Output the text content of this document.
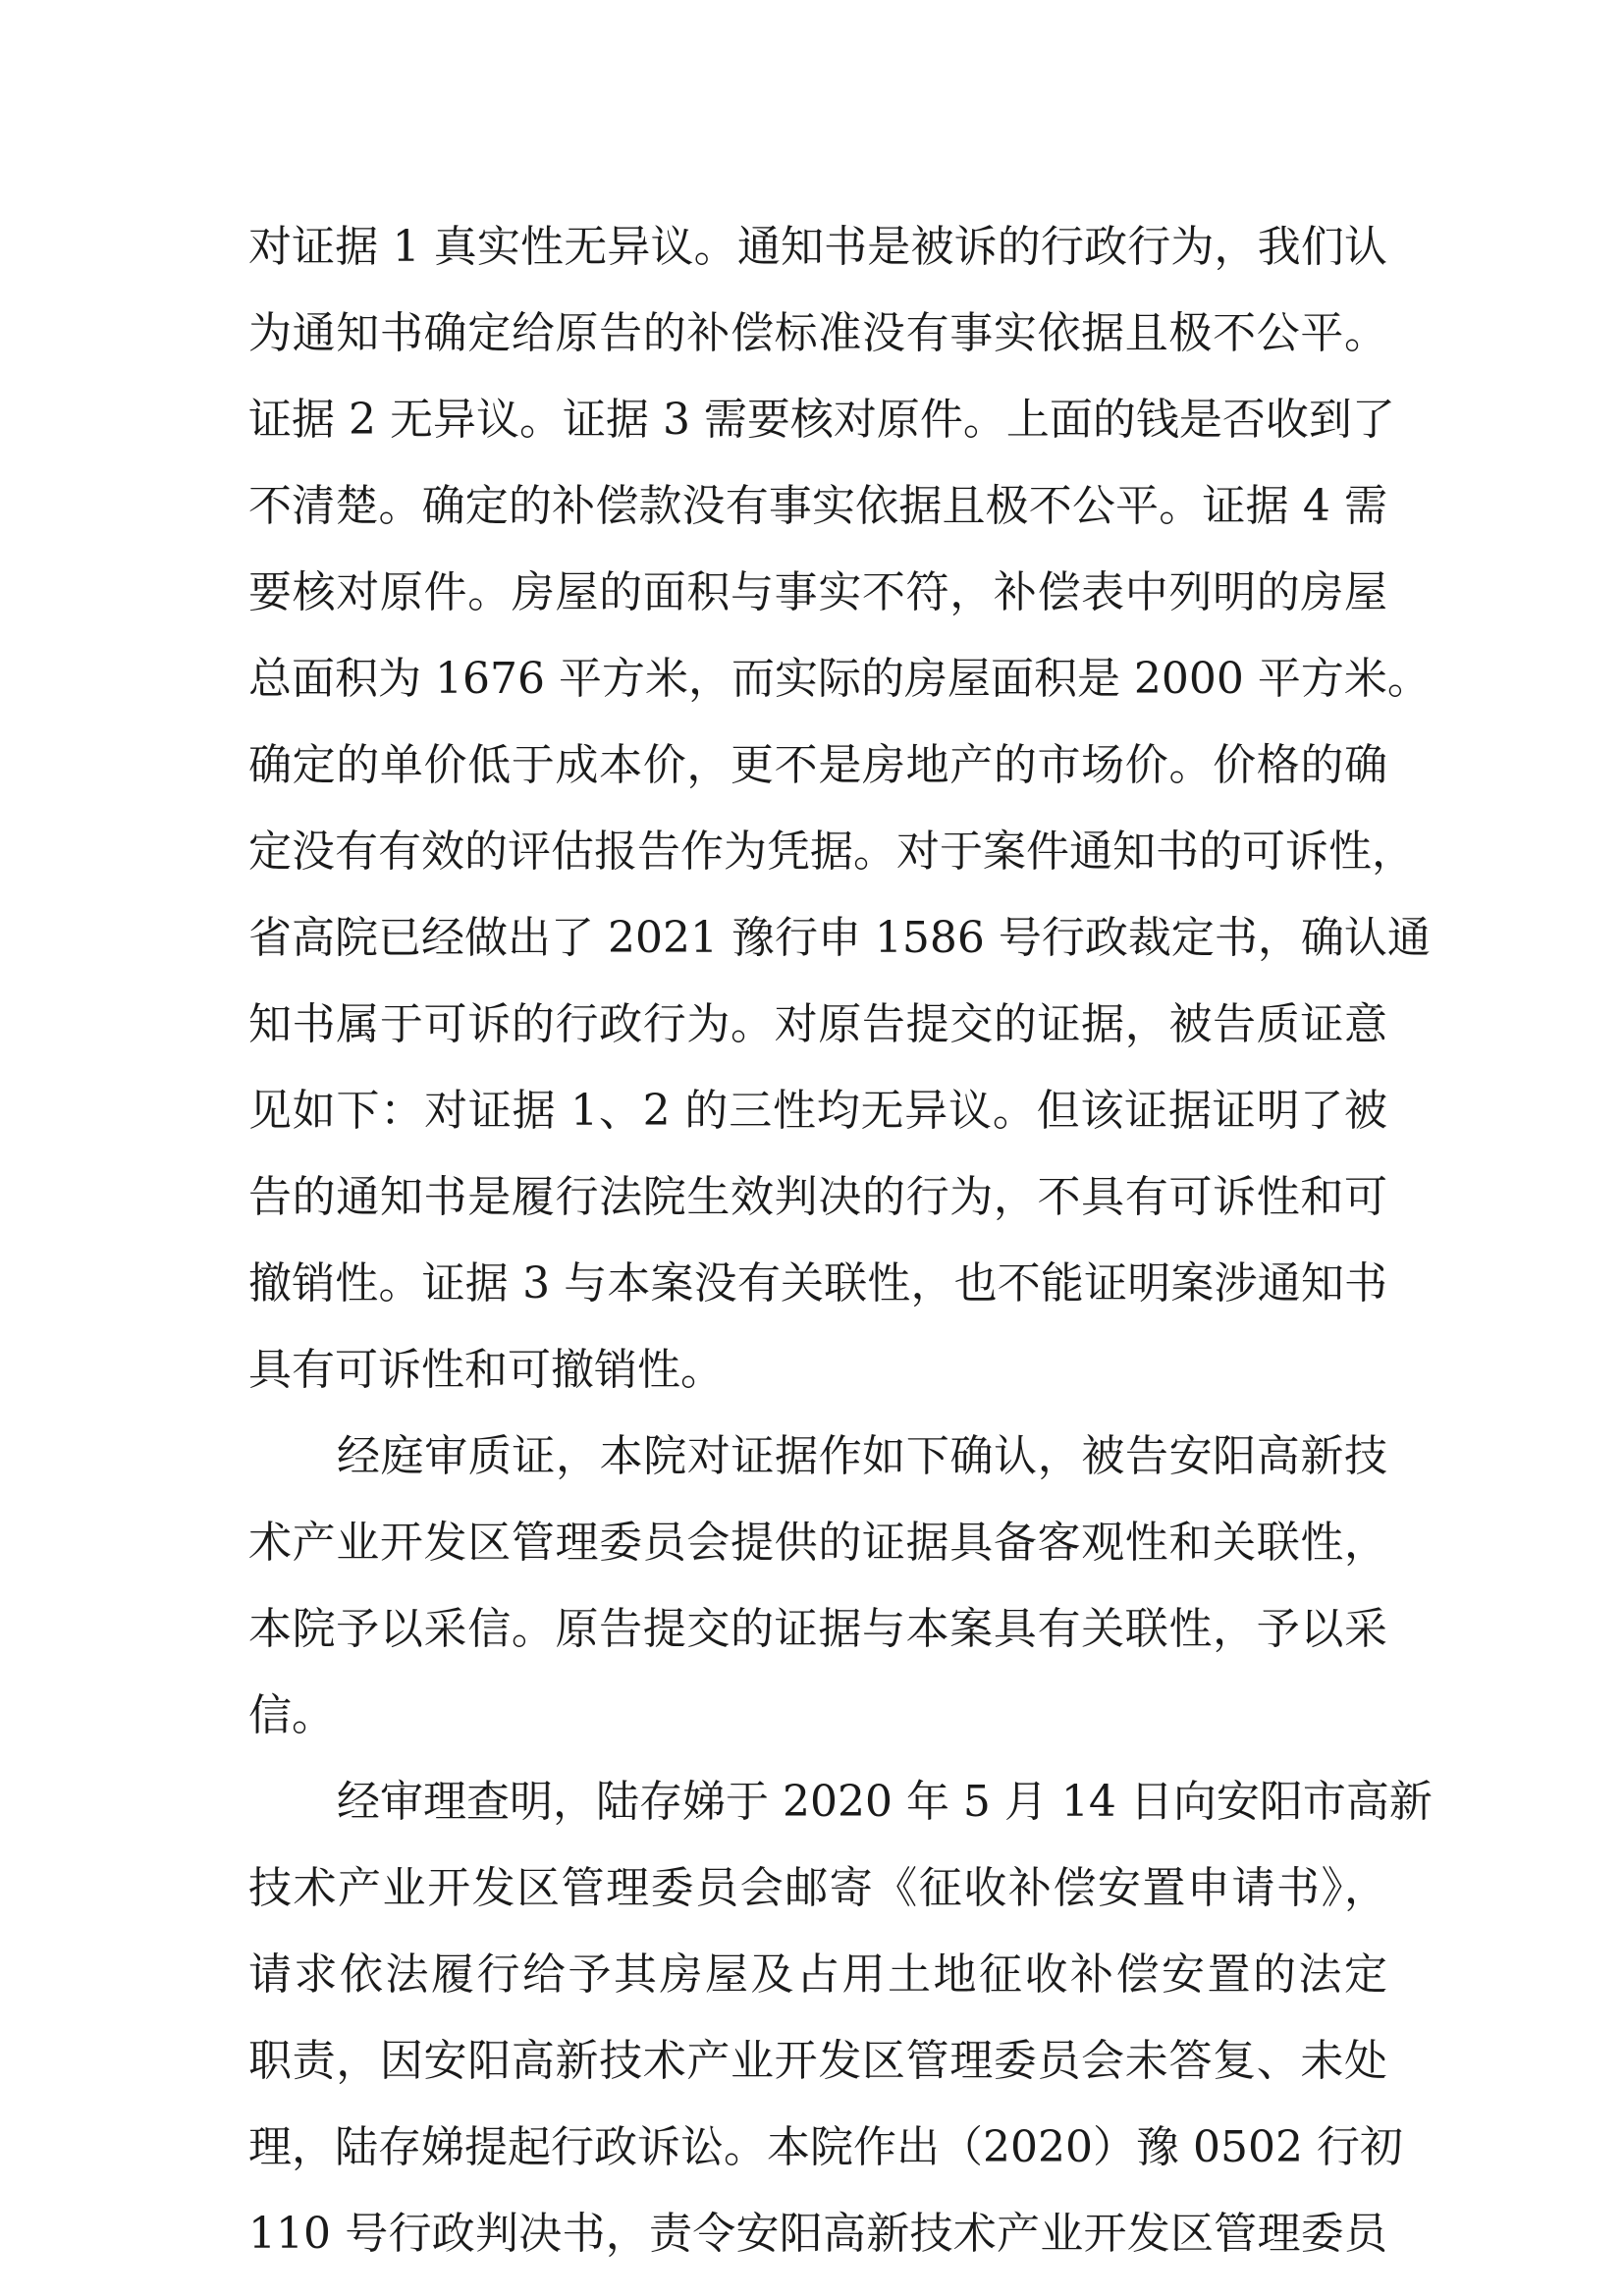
对证据 1 真实性无异议。通知书是被诉的行政行为，我们认
为通知书确定给原告的补偿标准没有事实依据且极不公平。
证据 2 无异议。证据 3 需要核对原件。上面的钱是否收到了
不清楚。确定的补偿款没有事实依据且极不公平。证据 4 需
要核对原件。房屋的面积与事实不符，补偿表中列明的房屋
总面积为 1676 平方米，而实际的房屋面积是 2000 平方米。
确定的单价低于成本价，更不是房地产的市场价。价格的确
定没有有效的评估报告作为凭据。对于案件通知书的可诉性，
省高院已经做出了 2021 豫行申 1586 号行政裁定书，确认通
知书属于可诉的行政行为。对原告提交的证据，被告质证意
见如下：对证据 1、2 的三性均无异议。但该证据证明了被
告的通知书是履行法院生效判决的行为，不具有可诉性和可
撤销性。证据 3 与本案没有关联性，也不能证明案涉通知书
具有可诉性和可撤销性。
经庭审质证，本院对证据作如下确认，被告安阳高新技
术产业开发区管理委员会提供的证据具备客观性和关联性，
本院予以采信。原告提交的证据与本案具有关联性，予以采
信。
经审理查明，陆存娣于 2020 年 5 月 14 日向安阳市高新
技术产业开发区管理委员会邮寄《征收补偿安置申请书》，
请求依法履行给予其房屋及占用土地征收补偿安置的法定
职责，因安阳高新技术产业开发区管理委员会未答复、未处
理，陆存娣提起行政诉讼。本院作出（2020）豫 0502 行初
110 号行政判决书，责令安阳高新技术产业开发区管理委员
